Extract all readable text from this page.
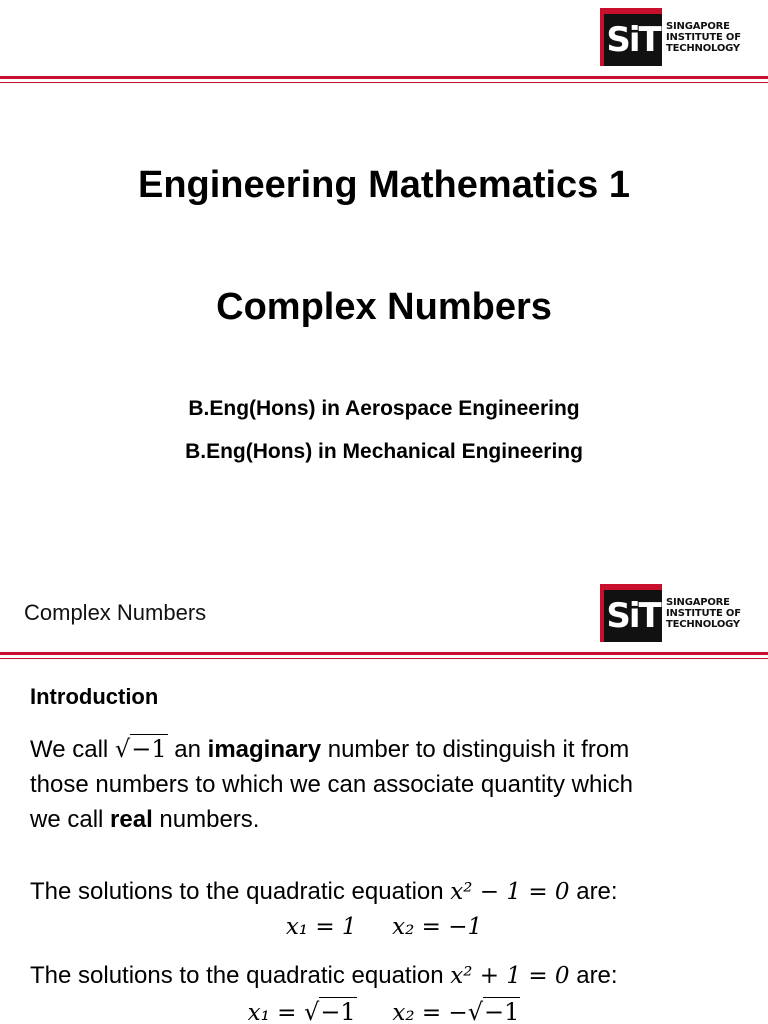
SiT SINGAPORE
INSTITUTE OF
TECHNOLOGY
Engineering Mathematics 1
Complex Numbers
B.Eng(Hons) in Aerospace Engineering
B.Eng(Hons) in Mechanical Engineering
Complex Numbers	SiT SINGAPORE
INSTITUTE OF
TECHNOLOGY
Introduction
We call √−1 an imaginary number to distinguish it from
those numbers to which we can associate quantity which
we call real numbers.
The solutions to the quadratic equation x² − 1 = 0 are:
x₁ = 1 x₂ = −1
The solutions to the quadratic equation x² + 1 = 0 are:
x₁ = √−1 x₂ = −√−1
